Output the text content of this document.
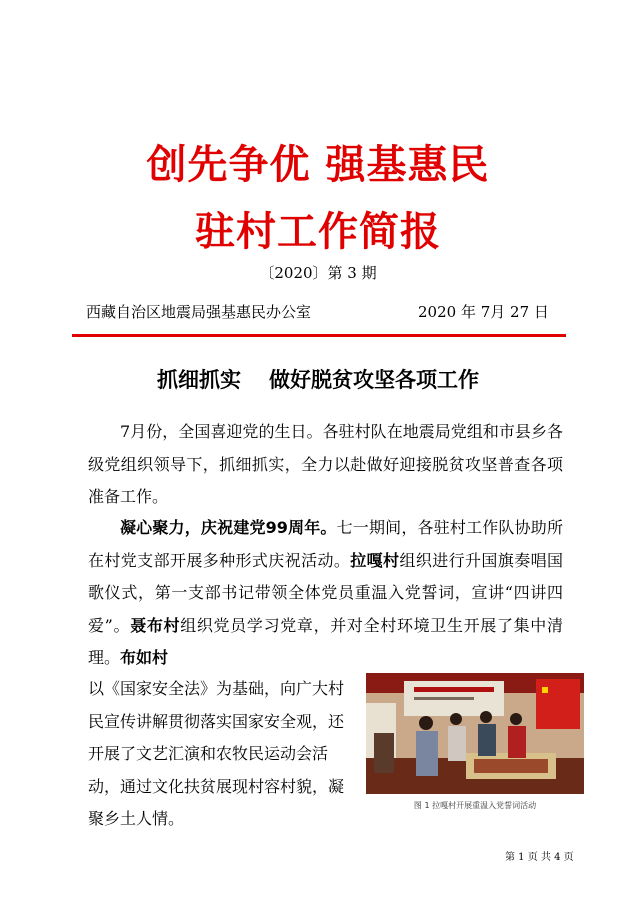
创先争优 强基惠民
驻村工作简报
〔2020〕第 3 期
西藏自治区地震局强基惠民办公室	2020 年 7月 27 日
抓细抓实 做好脱贫攻坚各项工作
7月份，全国喜迎党的生日。各驻村队在地震局党组和市县乡各级党组织领导下，抓细抓实，全力以赴做好迎接脱贫攻坚普查各项准备工作。
凝心聚力，庆祝建党99周年。七一期间，各驻村工作队协助所在村党支部开展多种形式庆祝活动。拉嘎村组织进行升国旗奏唱国歌仪式，第一支部书记带领全体党员重温入党誓词，宣讲“四讲四爱”。聂布村组织党员学习党章，并对全村环境卫生开展了集中清理。布如村
以《国家安全法》为基础，向广大村民宣传讲解贯彻落实国家安全观，还开展了文艺汇演和农牧民运动会活动，通过文化扶贫展现村容村貌，凝聚乡土人情。
图 1 拉嘎村开展重温入党誓词活动
第 1 页 共 4 页
